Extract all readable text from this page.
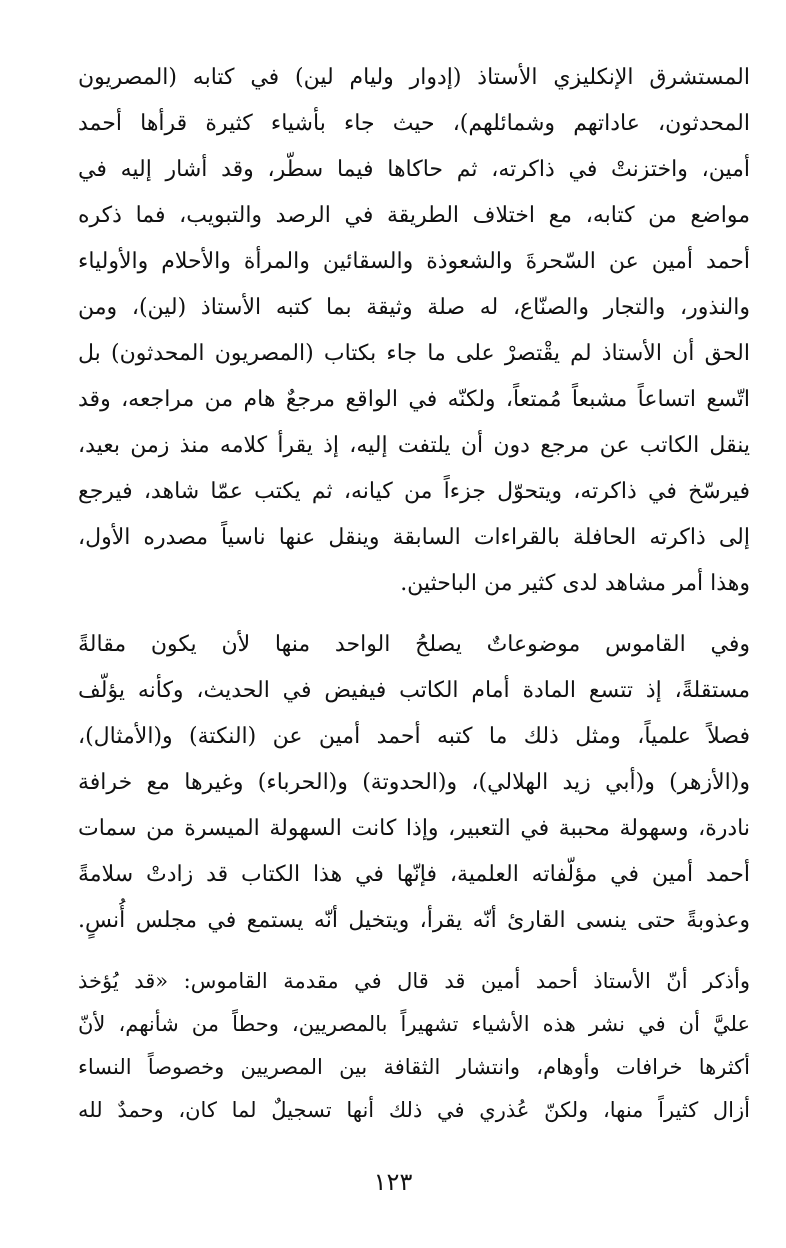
المستشرق الإنكليزي الأستاذ (إدوار وليام لين) في كتابه (المصريون
المحدثون، عاداتهم وشمائلهم)، حيث جاء بأشياء كثيرة قرأها أحمد
أمين، واختزنتْ في ذاكرته، ثم حاكاها فيما سطّر، وقد أشار إليه في
مواضع من كتابه، مع اختلاف الطريقة في الرصد والتبويب، فما ذكره
أحمد أمين عن السّحرةَ والشعوذة والسقائين والمرأة والأحلام والأولياء
والنذور، والتجار والصنّاع، له صلة وثيقة بما كتبه الأستاذ (لين)، ومن
الحق أن الأستاذ لم يقْتصرْ على ما جاء بكتاب (المصريون المحدثون) بل
اتّسع اتساعاً مشبعاً مُمتعاً، ولكنّه في الواقع مرجعٌ هام من مراجعه، وقد
ينقل الكاتب عن مرجع دون أن يلتفت إليه، إذ يقرأ كلامه منذ زمن بعيد،
فيرسّخ في ذاكرته، ويتحوّل جزءاً من كيانه، ثم يكتب عمّا شاهد، فيرجع
إلى ذاكرته الحافلة بالقراءات السابقة وينقل عنها ناسياً مصدره الأول،
وهذا أمر مشاهد لدى كثير من الباحثين.
وفي القاموس موضوعاتٌ يصلحُ الواحد منها لأن يكون مقالةً
مستقلةً، إذ تتسع المادة أمام الكاتب فيفيض في الحديث، وكأنه يؤلّف
فصلاً علمياً، ومثل ذلك ما كتبه أحمد أمين عن (النكتة) و(الأمثال)،
و(الأزهر) و(أبي زيد الهلالي)، و(الحدوتة) و(الحرباء) وغيرها مع خرافة
نادرة، وسهولة محببة في التعبير، وإذا كانت السهولة الميسرة من سمات
أحمد أمين في مؤلّفاته العلمية، فإنّها في هذا الكتاب قد زادتْ سلامةً
وعذوبةً حتى ينسى القارئ أنّه يقرأ، ويتخيل أنّه يستمع في مجلس أُنسٍ.
وأذكر أنّ الأستاذ أحمد أمين قد قال في مقدمة القاموس: «قد يُؤخذ
عليَّ أن في نشر هذه الأشياء تشهيراً بالمصريين، وحطاً من شأنهم، لأنّ
أكثرها خرافات وأوهام، وانتشار الثقافة بين المصريين وخصوصاً النساء
أزال كثيراً منها، ولكنّ عُذري في ذلك أنها تسجيلٌ لما كان، وحمدٌ لله
١٢٣
